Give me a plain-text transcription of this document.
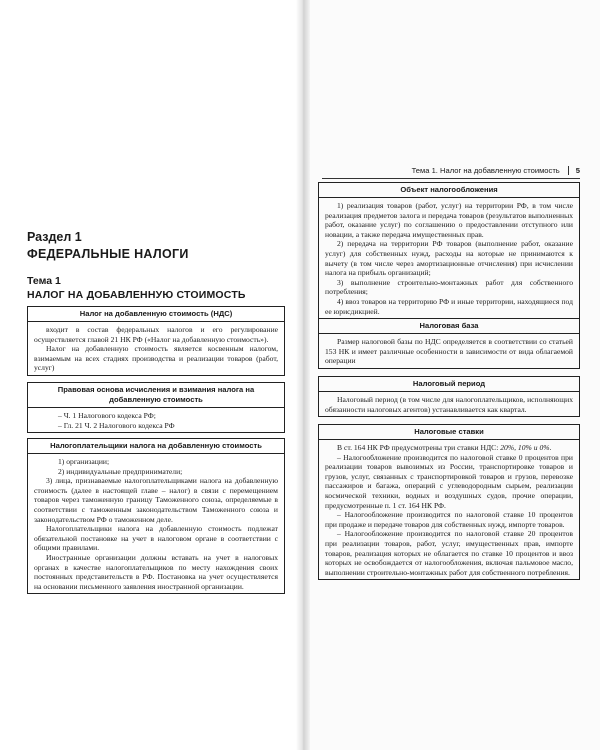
Тема 1. Налог на добавленную стоимость 5
Раздел 1
ФЕДЕРАЛЬНЫЕ НАЛОГИ
Тема 1
НАЛОГ НА ДОБАВЛЕННУЮ СТОИМОСТЬ
Налог на добавленную стоимость (НДС)

входит в состав федеральных налогов и его регулирование осуществляется главой 21 НК РФ («Налог на добавленную стоимость»).

Налог на добавленную стоимость является косвенным налогом, взимаемым на всех стадиях производства и реализации товаров (работ, услуг)

Правовая основа исчисления и взимания налога на добавленную стоимость

– Ч. 1 Налогового кодекса РФ;

– Гл. 21 Ч. 2 Налогового кодекса РФ

Налогоплательщики налога на добавленную стоимость

1) организации;

2) индивидуальные предприниматели;

3) лица, признаваемые налогоплательщиками налога на добавленную стоимость (далее в настоящей главе – налог) в связи с перемещением товаров через таможенную границу Таможенного союза, определяемые в соответствии с таможенным законодательством Таможенного союза и законодательством РФ о таможенном деле.

Налогоплательщики налога на добавленную стоимость подлежат обязательной постановке на учет в налоговом органе в соответствии с общими правилами.

Иностранные организации должны вставать на учет в налоговых органах в качестве налогоплательщиков по месту нахождения своих постоянных представительств в РФ. Постановка на учет осуществляется на основании письменного заявления иностранной организации.

Объект налогообложения

1) реализация товаров (работ, услуг) на территории РФ, в том числе реализация предметов залога и передача товаров (результатов выполненных работ, оказание услуг) по соглашению о предоставлении отступного или новации, а также передача имущественных прав.

2) передача на территории РФ товаров (выполнение работ, оказание услуг) для собственных нужд, расходы на которые не принимаются к вычету (в том числе через амортизационные отчисления) при исчислении налога на прибыль организаций;

3) выполнение строительно-монтажных работ для собственного потребления;

4) ввоз товаров на территорию РФ и иные территории, находящиеся под ее юрисдикцией.

Налоговая база

Размер налоговой базы по НДС определяется в соответствии со статьей 153 НК и имеет различные особенности в зависимости от вида облагаемой операции

Налоговый период

Налоговый период (в том числе для налогоплательщиков, исполняющих обязанности налоговых агентов) устанавливается как квартал.

Налоговые ставки

В ст. 164 НК РФ предусмотрены три ставки НДС: 20%, 10% и 0%.

– Налогообложение производится по налоговой ставке 0 процентов при реализации товаров вывозимых из России, транспортировке товаров и грузов, услуг, связанных с транспортировкой товаров и грузов, перевозке пассажиров и багажа, операций с углеводородным сырьем, реализации космической техники, водных и воздушных судов, прочие операции, предусмотренные п. 1 ст. 164 НК РФ.

– Налогообложение производится по налоговой ставке 10 процентов при продаже и передаче товаров для собственных нужд, импорте товаров.

– Налогообложение производится по налоговой ставке 20 процентов при реализации товаров, работ, услуг, имущественных прав, импорте товаров, реализация которых не облагается по ставке 10 процентов и ввоз которых не освобождается от налогообложения, включая пальмовое масло, выполнении строительно-монтажных работ для собственного потребления.
